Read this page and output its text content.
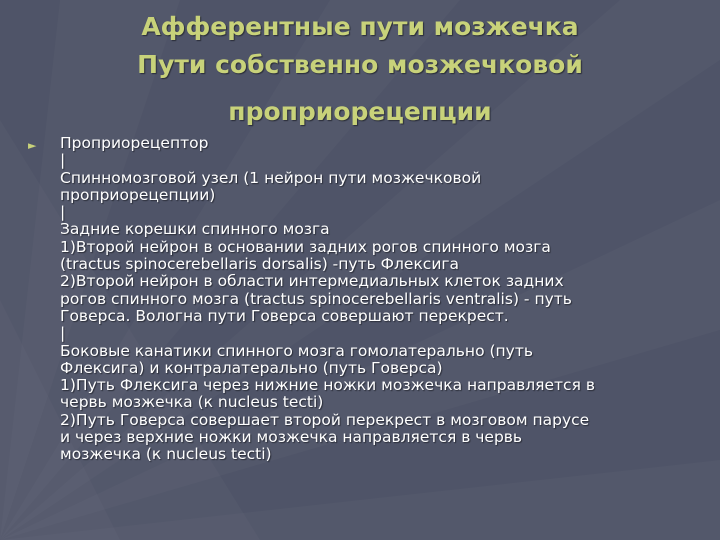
Афферентные пути мозжечка
Пути собственно мозжечковой
проприорецепции
►	Проприорецептор
|
Спинномозговой узел (1 нейрон пути мозжечковой
проприорецепции)
|
Задние корешки спинного мозга
1)Второй нейрон в основании задних рогов спинного мозга
(tractus spinocerebellaris dorsalis) -путь Флексига
2)Второй нейрон в области интермедиальных клеток задних
рогов спинного мозга (tractus spinocerebellaris ventralis) - путь
Говерса. Вологна пути Говерса совершают перекрест.
|
Боковые канатики спинного мозга гомолатерально (путь
Флексига) и контралатерально (путь Говерса)
1)Путь Флексига через нижние ножки мозжечка направляется в
червь мозжечка (к nucleus tecti)
2)Путь Говерса совершает второй перекрест в мозговом парусе
и через верхние ножки мозжечка направляется в червь
мозжечка (к nucleus tecti)
